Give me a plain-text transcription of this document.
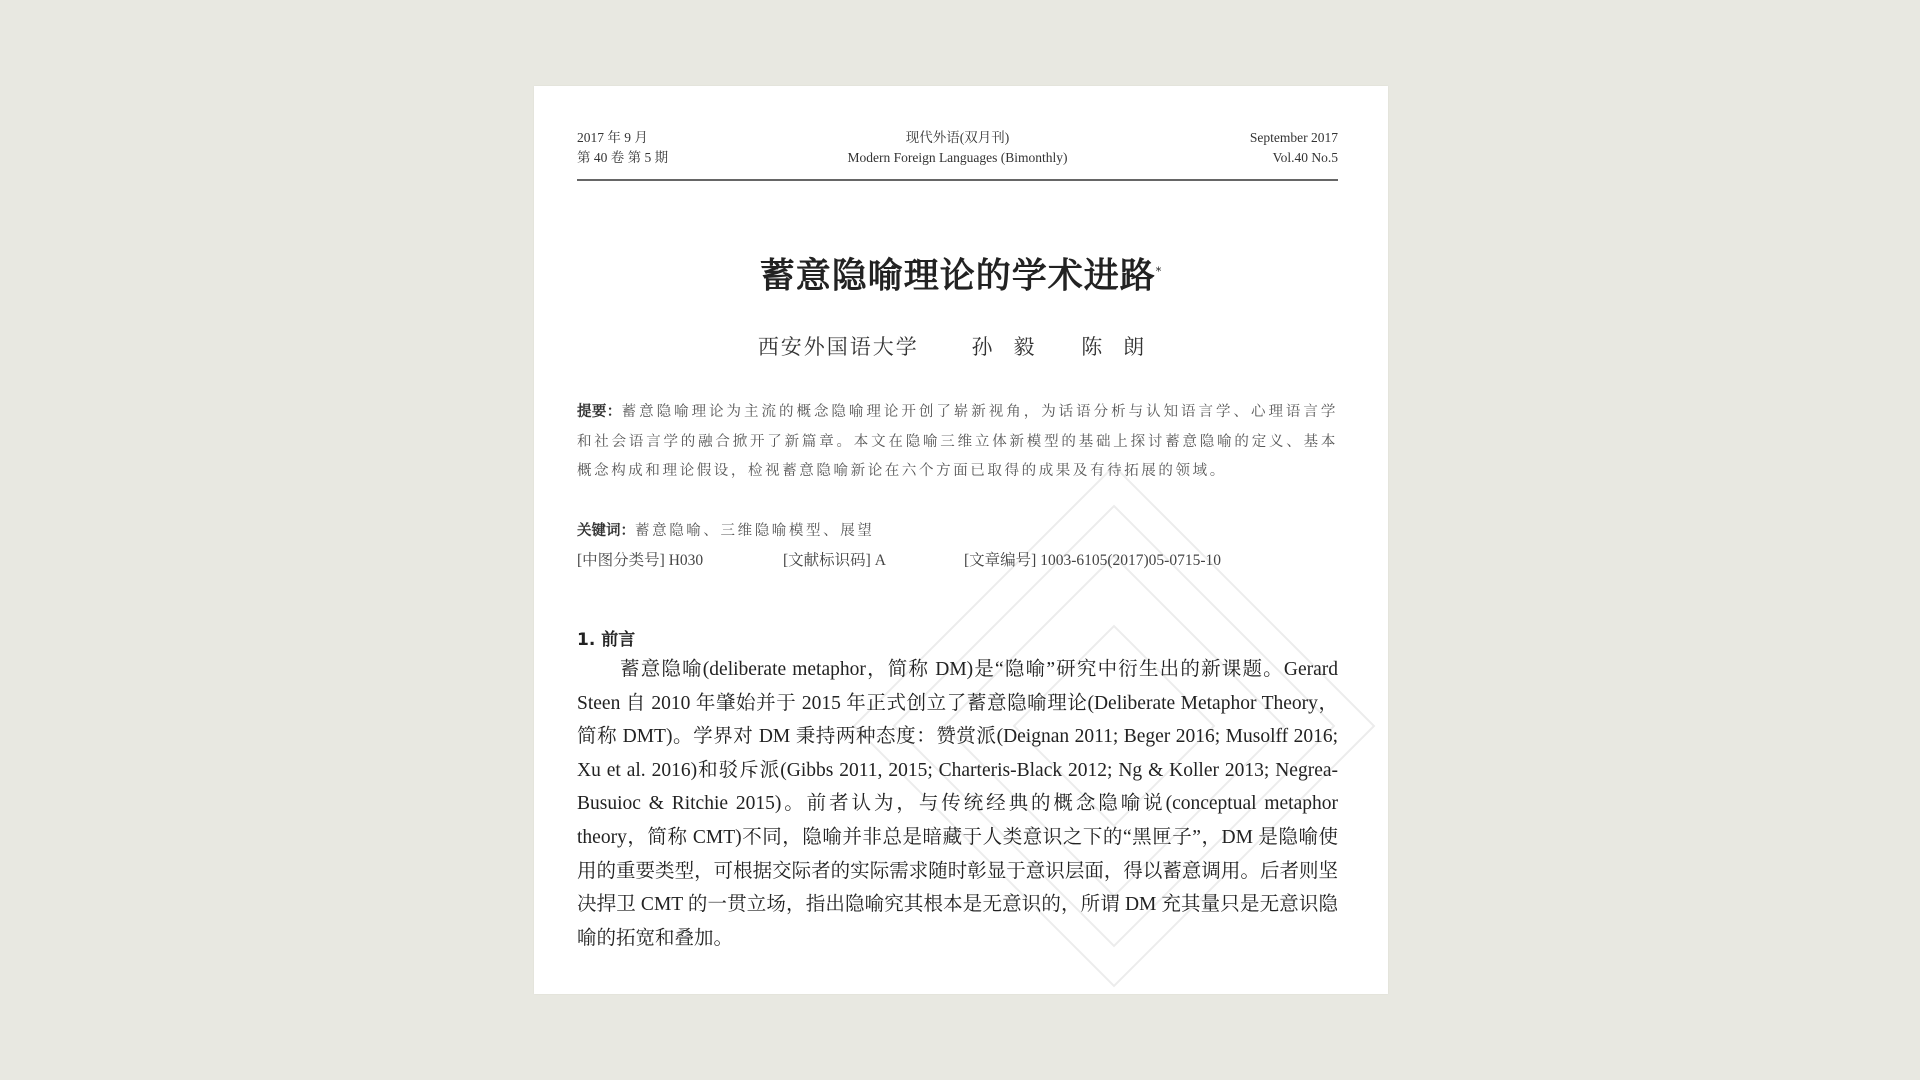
2017 年 9 月
第 40 卷 第 5 期
现代外语(双月刊)
Modern Foreign Languages (Bimonthly)
September 2017
Vol.40 No.5
蓄意隐喻理论的学术进路*
西安外国语大学	孙　毅 陈　朗
提要：蓄意隐喻理论为主流的概念隐喻理论开创了崭新视角，为话语分析与认知语言学、心理语言学和社会语言学的融合掀开了新篇章。本文在隐喻三维立体新模型的基础上探讨蓄意隐喻的定义、基本概念构成和理论假设，检视蓄意隐喻新论在六个方面已取得的成果及有待拓展的领域。
关键词：蓄意隐喻、三维隐喻模型、展望
[中图分类号] H030	[文献标识码] A	[文章编号] 1003-6105(2017)05-0715-10
1. 前言
蓄意隐喻(deliberate metaphor，简称 DM)是“隐喻”研究中衍生出的新课题。Gerard Steen 自 2010 年肇始并于 2015 年正式创立了蓄意隐喻理论(Deliberate Metaphor Theory，简称 DMT)。学界对 DM 秉持两种态度：赞赏派(Deignan 2011; Beger 2016; Musolff 2016; Xu et al. 2016)和驳斥派(Gibbs 2011, 2015; Charteris-Black 2012; Ng & Koller 2013; Negrea-Busuioc & Ritchie 2015)。前者认为，与传统经典的概念隐喻说(conceptual metaphor theory，简称 CMT)不同，隐喻并非总是暗藏于人类意识之下的“黑匣子”，DM 是隐喻使用的重要类型，可根据交际者的实际需求随时彰显于意识层面，得以蓄意调用。后者则坚决捍卫 CMT 的一贯立场，指出隐喻究其根本是无意识的，所谓 DM 充其量只是无意识隐喻的拓宽和叠加。
